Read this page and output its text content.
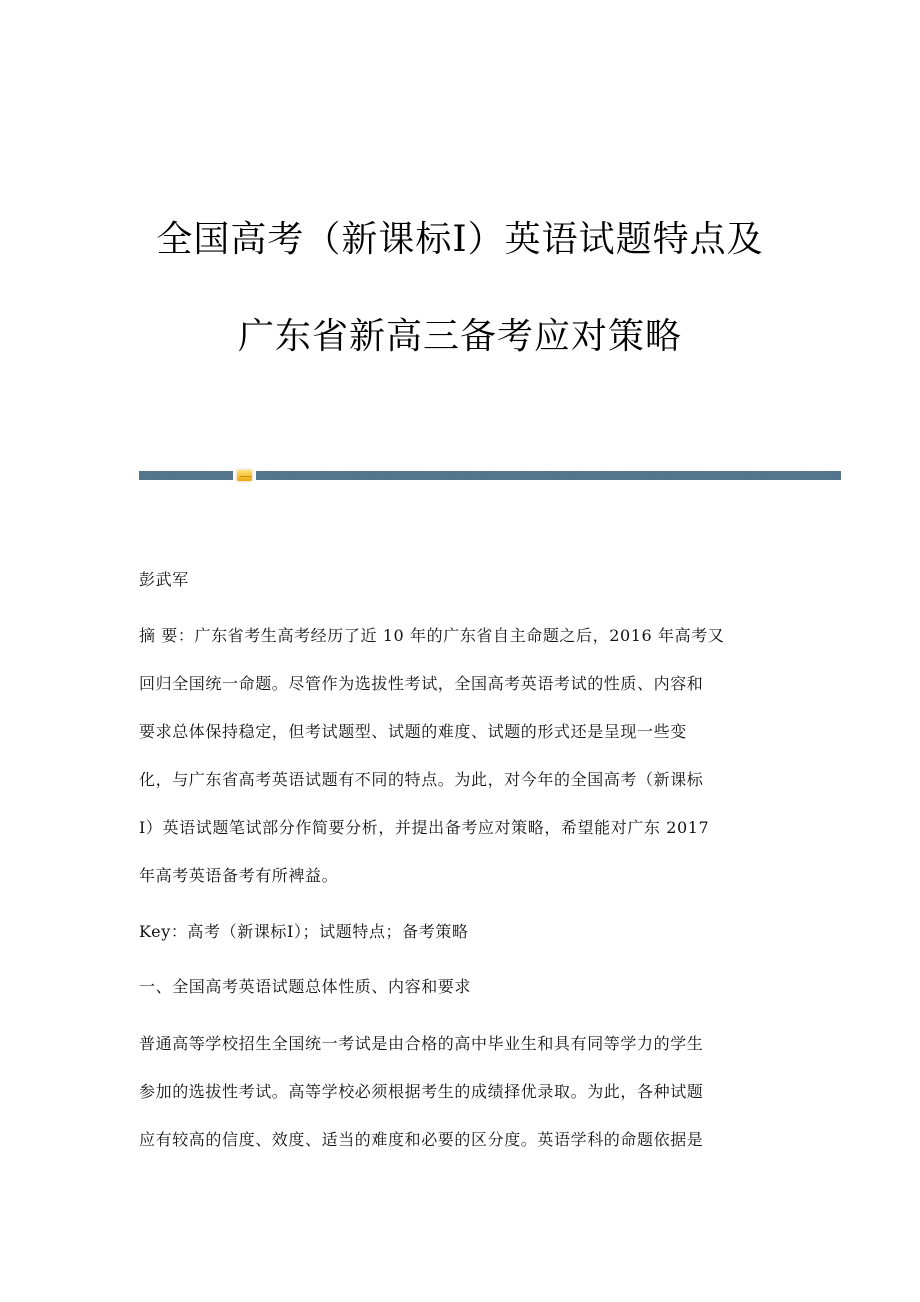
全国高考（新课标Ⅰ）英语试题特点及
广东省新高三备考应对策略
彭武军
摘 要：广东省考生高考经历了近 10 年的广东省自主命题之后，2016 年高考又
回归全国统一命题。尽管作为选拔性考试，全国高考英语考试的性质、内容和
要求总体保持稳定，但考试题型、试题的难度、试题的形式还是呈现一些变
化，与广东省高考英语试题有不同的特点。为此，对今年的全国高考（新课标
Ⅰ）英语试题笔试部分作简要分析，并提出备考应对策略，希望能对广东 2017
年高考英语备考有所裨益。
Key：高考（新课标Ⅰ）；试题特点；备考策略
一、全国高考英语试题总体性质、内容和要求
普通高等学校招生全国统一考试是由合格的高中毕业生和具有同等学力的学生
参加的选拔性考试。高等学校必须根据考生的成绩择优录取。为此，各种试题
应有较高的信度、效度、适当的难度和必要的区分度。英语学科的命题依据是
